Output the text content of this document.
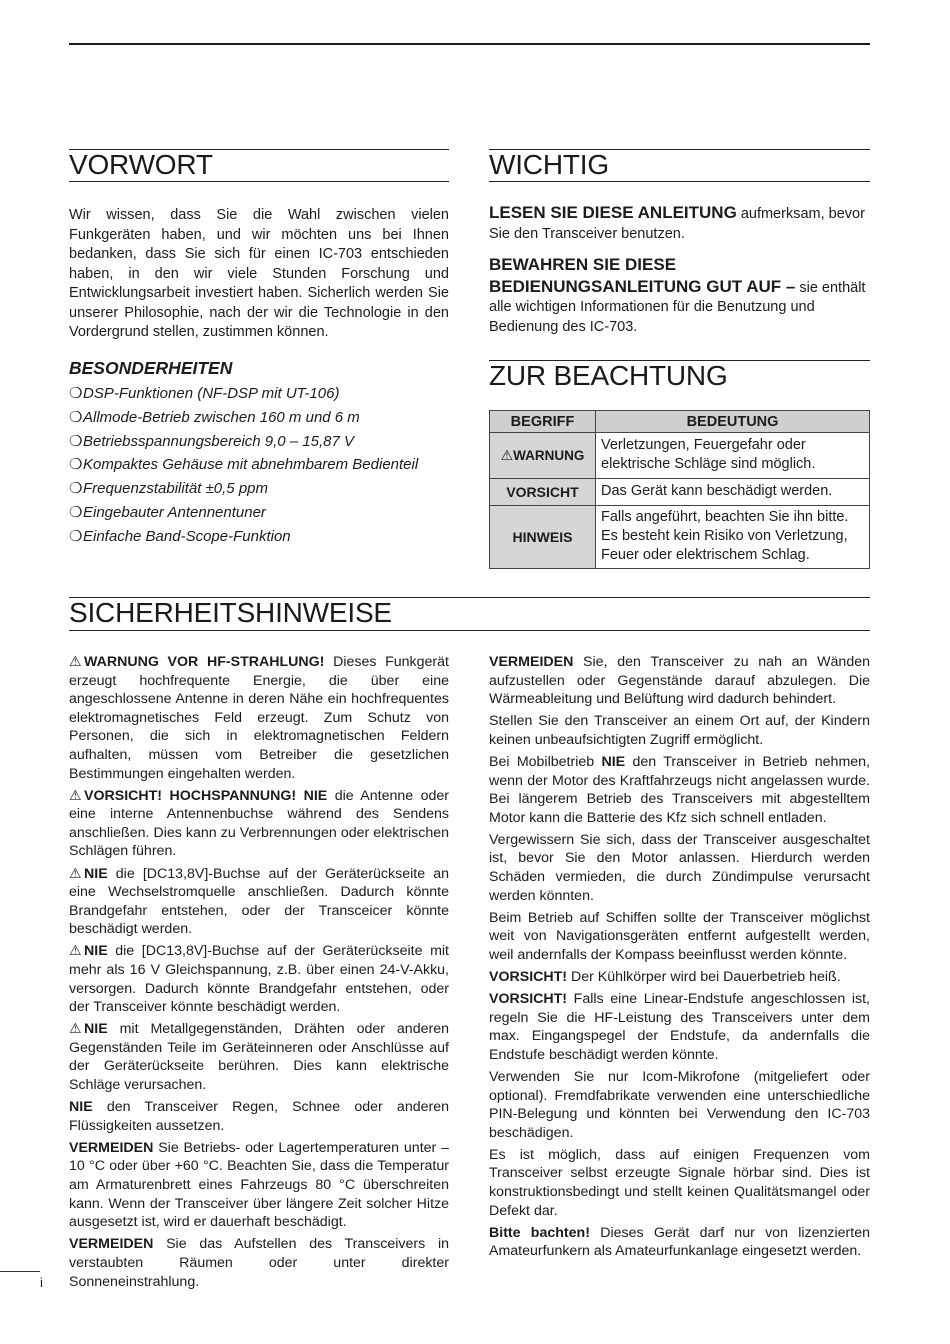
VORWORT

Wir wissen, dass Sie die Wahl zwischen vielen Funkgeräten haben, und wir möchten uns bei Ihnen bedanken, dass Sie sich für einen IC-703 entschieden haben, in den wir viele Stunden Forschung und Entwicklungsarbeit investiert haben. Sicherlich werden Sie unserer Philosophie, nach der wir die Technologie in den Vordergrund stellen, zustimmen können.

BESONDERHEITEN
❍DSP-Funktionen (NF-DSP mit UT-106)
❍Allmode-Betrieb zwischen 160 m und 6 m
❍Betriebsspannungsbereich 9,0 – 15,87 V
❍Kompaktes Gehäuse mit abnehmbarem Bedienteil
❍Frequenzstabilität ±0,5 ppm
❍Eingebauter Antennentuner
❍Einfache Band-Scope-Funktion
WICHTIG

LESEN SIE DIESE ANLEITUNG aufmerksam, bevor Sie den Transceiver benutzen.

BEWAHREN SIE DIESE BEDIENUNGSANLEITUNG GUT AUF – sie enthält alle wichtigen Informationen für die Benutzung und Bedienung des IC-703.

ZUR BEACHTUNG
BEGRIFF	BEDEUTUNG
⚠WARNUNG	Verletzungen, Feuergefahr oder elektrische Schläge sind möglich.
VORSICHT	Das Gerät kann beschädigt werden.
HINWEIS	Falls angeführt, beachten Sie ihn bitte. Es besteht kein Risiko von Verletzung, Feuer oder elektrischem Schlag.
SICHERHEITSHINWEISE

⚠ WARNUNG VOR HF-STRAHLUNG! Dieses Funkgerät erzeugt hochfrequente Energie, die über eine angeschlossene Antenne in deren Nähe ein hochfrequentes elektromagnetisches Feld erzeugt. Zum Schutz von Personen, die sich in elektromagnetischen Feldern aufhalten, müssen vom Betreiber die gesetzlichen Bestimmungen eingehalten werden.

⚠ VORSICHT! HOCHSPANNUNG! NIE die Antenne oder eine interne Antennenbuchse während des Sendens anschließen. Dies kann zu Verbrennungen oder elektrischen Schlägen führen.

⚠ NIE die [DC13,8V]-Buchse auf der Geräterückseite an eine Wechselstromquelle anschließen. Dadurch könnte Brandgefahr entstehen, oder der Transceicer könnte beschädigt werden.

⚠ NIE die [DC13,8V]-Buchse auf der Geräterückseite mit mehr als 16 V Gleichspannung, z.B. über einen 24-V-Akku, versorgen. Dadurch könnte Brandgefahr entstehen, oder der Transceiver könnte beschädigt werden.

⚠ NIE mit Metallgegenständen, Drähten oder anderen Gegenständen Teile im Geräteinneren oder Anschlüsse auf der Geräterückseite berühren. Dies kann elektrische Schläge verursachen.

NIE den Transceiver Regen, Schnee oder anderen Flüssigkeiten aussetzen.

VERMEIDEN Sie Betriebs- oder Lagertemperaturen unter –10 °C oder über +60 °C. Beachten Sie, dass die Temperatur am Armaturenbrett eines Fahrzeugs 80 °C überschreiten kann. Wenn der Transceiver über längere Zeit solcher Hitze ausgesetzt ist, wird er dauerhaft beschädigt.

VERMEIDEN Sie das Aufstellen des Transceivers in verstaubten Räumen oder unter direkter Sonneneinstrahlung.

VERMEIDEN Sie, den Transceiver zu nah an Wänden aufzustellen oder Gegenstände darauf abzulegen. Die Wärmeableitung und Belüftung wird dadurch behindert.

Stellen Sie den Transceiver an einem Ort auf, der Kindern keinen unbeaufsichtigten Zugriff ermöglicht.

Bei Mobilbetrieb NIE den Transceiver in Betrieb nehmen, wenn der Motor des Kraftfahrzeugs nicht angelassen wurde. Bei längerem Betrieb des Transceivers mit abgestelltem Motor kann die Batterie des Kfz sich schnell entladen.

Vergewissern Sie sich, dass der Transceiver ausgeschaltet ist, bevor Sie den Motor anlassen. Hierdurch werden Schäden vermieden, die durch Zündimpulse verursacht werden könnten.

Beim Betrieb auf Schiffen sollte der Transceiver möglichst weit von Navigationsgeräten entfernt aufgestellt werden, weil andernfalls der Kompass beeinflusst werden könnte.

VORSICHT! Der Kühlkörper wird bei Dauerbetrieb heiß.

VORSICHT! Falls eine Linear-Endstufe angeschlossen ist, regeln Sie die HF-Leistung des Transceivers unter dem max. Eingangspegel der Endstufe, da andernfalls die Endstufe beschädigt werden könnte.

Verwenden Sie nur Icom-Mikrofone (mitgeliefert oder optional). Fremdfabrikate verwenden eine unterschiedliche PIN-Belegung und könnten bei Verwendung den IC-703 beschädigen.

Es ist möglich, dass auf einigen Frequenzen vom Transceiver selbst erzeugte Signale hörbar sind. Dies ist konstruktionsbedingt und stellt keinen Qualitätsmangel oder Defekt dar.

Bitte bachten! Dieses Gerät darf nur von lizenzierten Amateurfunkern als Amateurfunkanlage eingesetzt werden.

i
